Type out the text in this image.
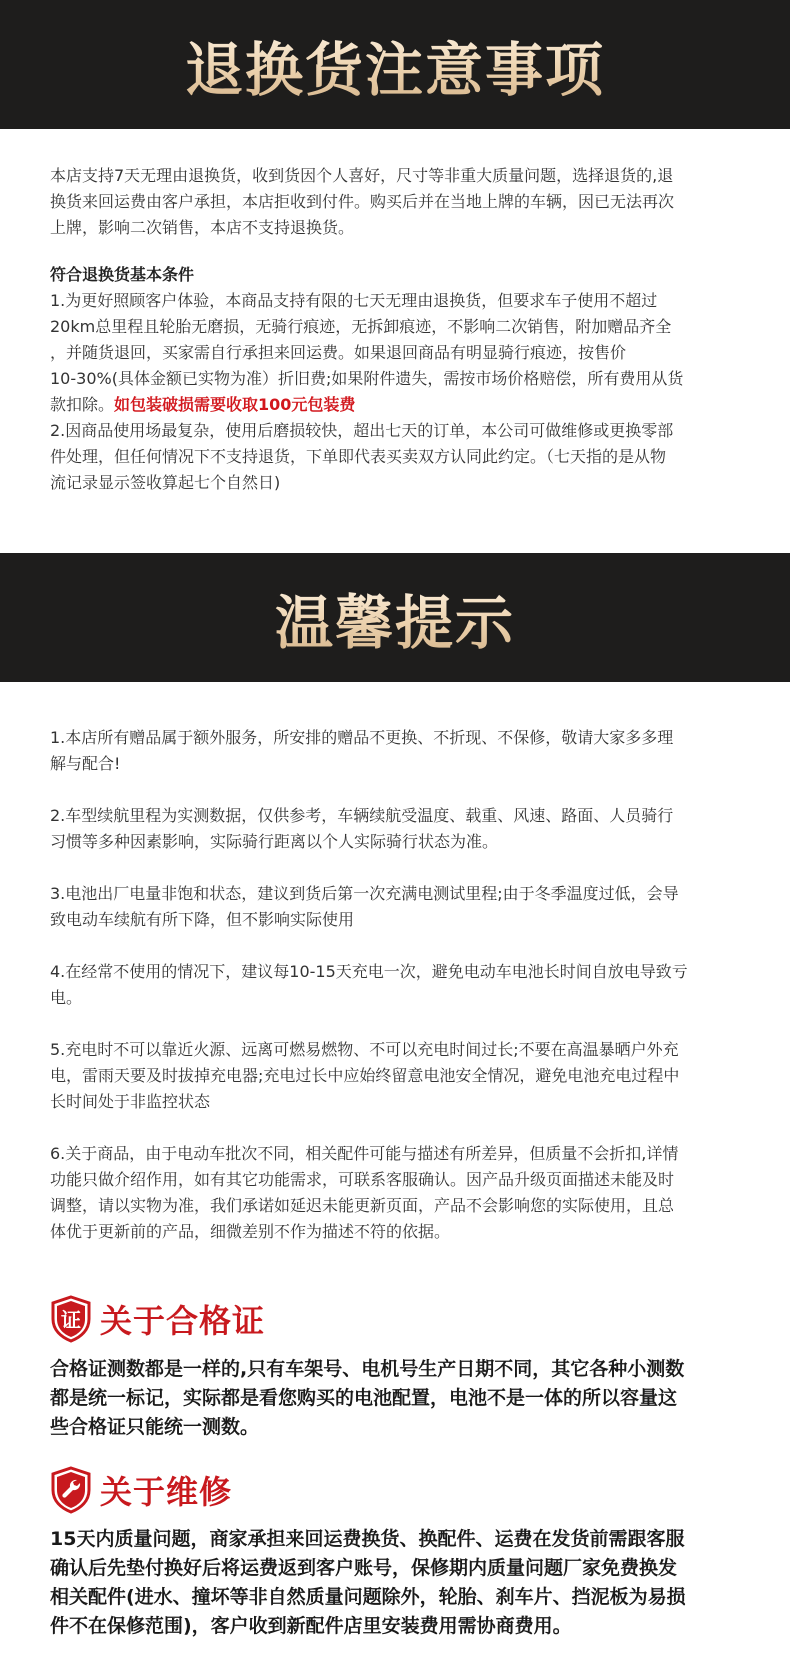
退换货注意事项
本店支持7天无理由退换货，收到货因个人喜好，尺寸等非重大质量问题，选择退货的,退
换货来回运费由客户承担，本店拒收到付件。购买后并在当地上牌的车辆，因已无法再次
上牌，影响二次销售，本店不支持退换货。
符合退换货基本条件
1.为更好照顾客户体验，本商品支持有限的七天无理由退换货，但要求车子使用不超过
20km总里程且轮胎无磨损，无骑行痕迹，无拆卸痕迹，不影响二次销售，附加赠品齐全
，并随货退回，买家需自行承担来回运费。如果退回商品有明显骑行痕迹，按售价
10-30%(具体金额已实物为准）折旧费;如果附件遗失，需按市场价格赔偿，所有费用从货
款扣除。如包装破损需要收取100元包装费
2.因商品使用场最复杂，使用后磨损较快，超出七天的订单，本公司可做维修或更换零部
件处理，但任何情况下不支持退货，下单即代表买卖双方认同此约定。（七天指的是从物
流记录显示签收算起七个自然日)
温馨提示
1.本店所有赠品属于额外服务，所安排的赠品不更换、不折现、不保修，敬请大家多多理
解与配合!
2.车型续航里程为实测数据，仅供参考，车辆续航受温度、载重、风速、路面、人员骑行
习惯等多种因素影响，实际骑行距离以个人实际骑行状态为准。
3.电池出厂电量非饱和状态，建议到货后第一次充满电测试里程;由于冬季温度过低，会导
致电动车续航有所下降，但不影响实际使用
4.在经常不使用的情况下，建议每10-15天充电一次，避免电动车电池长时间自放电导致亏
电。
5.充电时不可以靠近火源、远离可燃易燃物、不可以充电时间过长;不要在高温暴晒户外充
电，雷雨天要及时拔掉充电器;充电过长中应始终留意电池安全情况，避免电池充电过程中
长时间处于非监控状态
6.关于商品，由于电动车批次不同，相关配件可能与描述有所差异，但质量不会折扣,详情
功能只做介绍作用，如有其它功能需求，可联系客服确认。因产品升级页面描述未能及时
调整，请以实物为准，我们承诺如延迟未能更新页面，产品不会影响您的实际使用，且总
体优于更新前的产品，细微差别不作为描述不符的依据。
证 关于合格证
合格证测数都是一样的,只有车架号、电机号生产日期不同，其它各种小测数
都是统一标记，实际都是看您购买的电池配置，电池不是一体的所以容量这
些合格证只能统一测数。
关于维修
15天内质量问题，商家承担来回运费换货、换配件、运费在发货前需跟客服
确认后先垫付换好后将运费返到客户账号，保修期内质量问题厂家免费换发
相关配件(进水、撞坏等非自然质量问题除外，轮胎、刹车片、挡泥板为易损
件不在保修范围)，客户收到新配件店里安装费用需协商费用。
